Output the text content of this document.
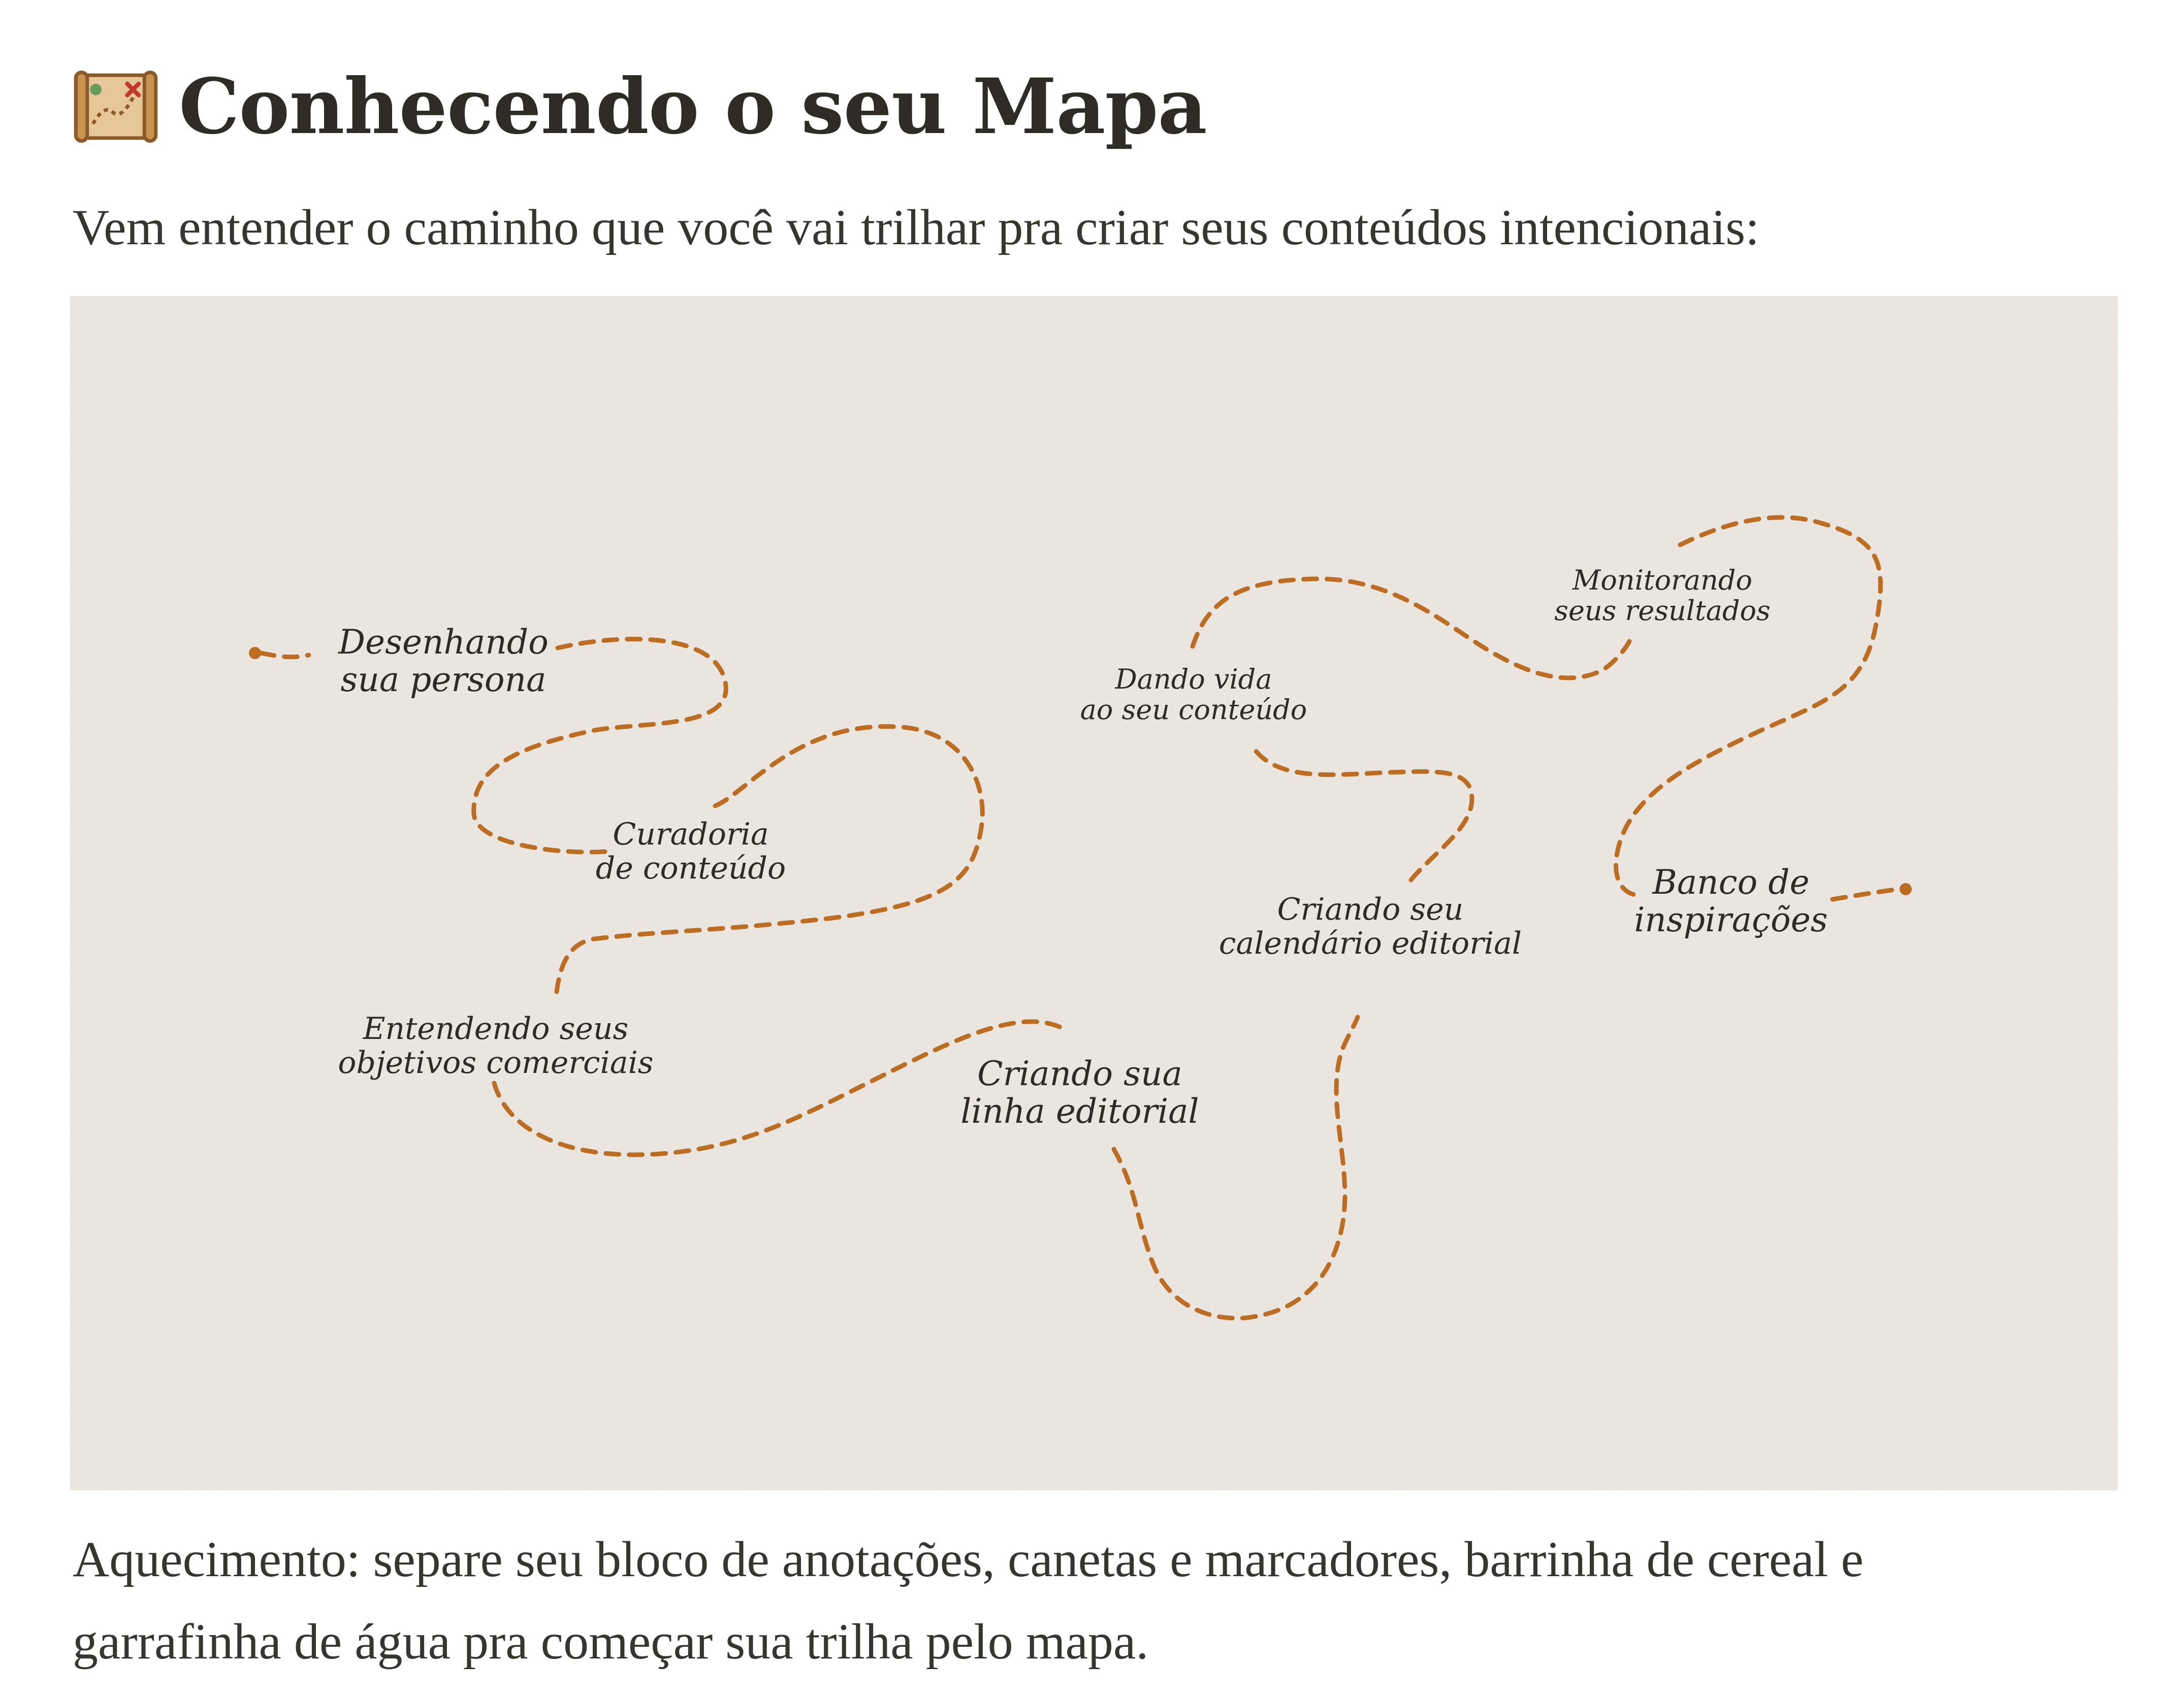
Conhecendo o seu Mapa
Vem entender o caminho que você vai trilhar pra criar seus conteúdos intencionais:
Desenhando
sua persona
Curadoria
de conteúdo
Entendendo seus
objetivos comerciais	Criando sua
linha editorial
Criando seu
calendário editorial
Dando vida
ao seu conteúdo
Monitorando
seus resultados
Banco de
inspirações
Aquecimento: separe seu bloco de anotações, canetas e marcadores, barrinha de cereal e garrafinha de água pra começar sua trilha pelo mapa.
